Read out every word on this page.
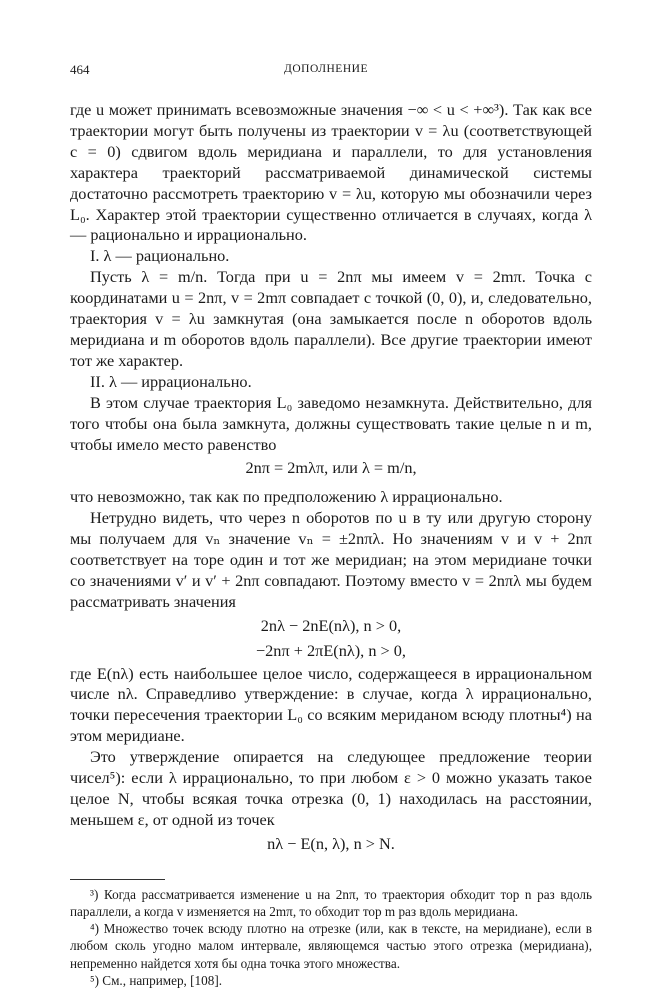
464	ДОПОЛНЕНИЕ

где u может принимать всевозможные значения −∞ < u < +∞³). Так как все траектории могут быть получены из траектории v = λu (соответствующей c = 0) сдвигом вдоль меридиана и параллели, то для установления характера траекторий рассматриваемой динамической системы достаточно рассмотреть траекторию v = λu, которую мы обозначили через L₀. Характер этой траектории существенно отличается в случаях, когда λ — рационально и иррационально.

I. λ — рационально.

Пусть λ = m/n. Тогда при u = 2nπ мы имеем v = 2mπ. Точка с координатами u = 2nπ, v = 2mπ совпадает с точкой (0, 0), и, следовательно, траектория v = λu замкнутая (она замыкается после n оборотов вдоль меридиана и m оборотов вдоль параллели). Все другие траектории имеют тот же характер.

II. λ — иррационально.

В этом случае траектория L₀ заведомо незамкнута. Действительно, для того чтобы она была замкнута, должны существовать такие целые n и m, чтобы имело место равенство

2nπ = 2mλπ, или λ = m/n,

что невозможно, так как по предположению λ иррационально.

Нетрудно видеть, что через n оборотов по u в ту или другую сторону мы получаем для vₙ значение vₙ = ±2nπλ. Но значениям v и v + 2nπ соответствует на торе один и тот же меридиан; на этом меридиане точки со значениями v′ и v′ + 2nπ совпадают. Поэтому вместо v = 2nπλ мы будем рассматривать значения

2nλ − 2nE(nλ), n > 0,

−2nπ + 2πE(nλ), n > 0,

где E(nλ) есть наибольшее целое число, содержащееся в иррациональном числе nλ. Справедливо утверждение: в случае, когда λ иррационально, точки пересечения траектории L₀ со всяким мериданом всюду плотны⁴) на этом меридиане.

Это утверждение опирается на следующее предложение теории чисел⁵): если λ иррационально, то при любом ε > 0 можно указать такое целое N, чтобы всякая точка отрезка (0, 1) находилась на расстоянии, меньшем ε, от одной из точек

nλ − E(n, λ), n > N.

³) Когда рассматривается изменение u на 2nπ, то траектория обходит тор n раз вдоль параллели, а когда v изменяется на 2mπ, то обходит тор m раз вдоль меридиана.

⁴) Множество точек всюду плотно на отрезке (или, как в тексте, на меридиане), если в любом сколь угодно малом интервале, являющемся частью этого отрезка (меридиана), непременно найдется хотя бы одна точка этого множества.

⁵) См., например, [108].
